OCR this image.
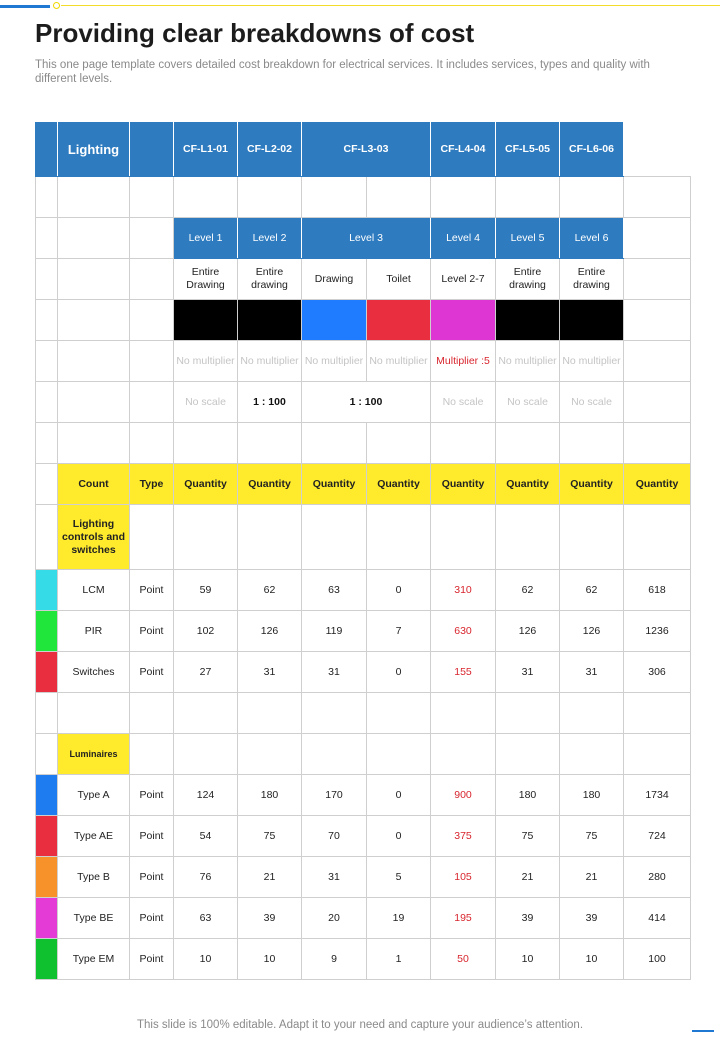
Providing clear breakdowns of cost

This one page template covers detailed cost breakdown for electrical services. It includes services, types and quality with different levels.

	Lighting		CF-L1-01	CF-L2-02	CF-L3-03		CF-L4-04	CF-L5-05	CF-L6-06	

			Level 1	Level 2	Level 3		Level 4	Level 5	Level 6	
			Entire Drawing	Entire drawing	Drawing	Toilet	Level 2-7	Entire drawing	Entire drawing	

			No multiplier	No multiplier	No multiplier	No multiplier	Multiplier :5	No multiplier	No multiplier	
			No scale	1 : 100	1 : 100		No scale	No scale	No scale	

	Count	Type	Quantity	Quantity	Quantity	Quantity	Quantity	Quantity	Quantity	Quantity
	Lighting controls and switches									
	LCM	Point	59	62	63	0	310	62	62	618
	PIR	Point	102	126	119	7	630	126	126	1236
	Switches	Point	27	31	31	0	155	31	31	306

	Luminaires									
	Type A	Point	124	180	170	0	900	180	180	1734
	Type AE	Point	54	75	70	0	375	75	75	724
	Type B	Point	76	21	31	5	105	21	21	280
	Type BE	Point	63	39	20	19	195	39	39	414
	Type EM	Point	10	10	9	1	50	10	10	100

This slide is 100% editable. Adapt it to your need and capture your audience’s attention.
